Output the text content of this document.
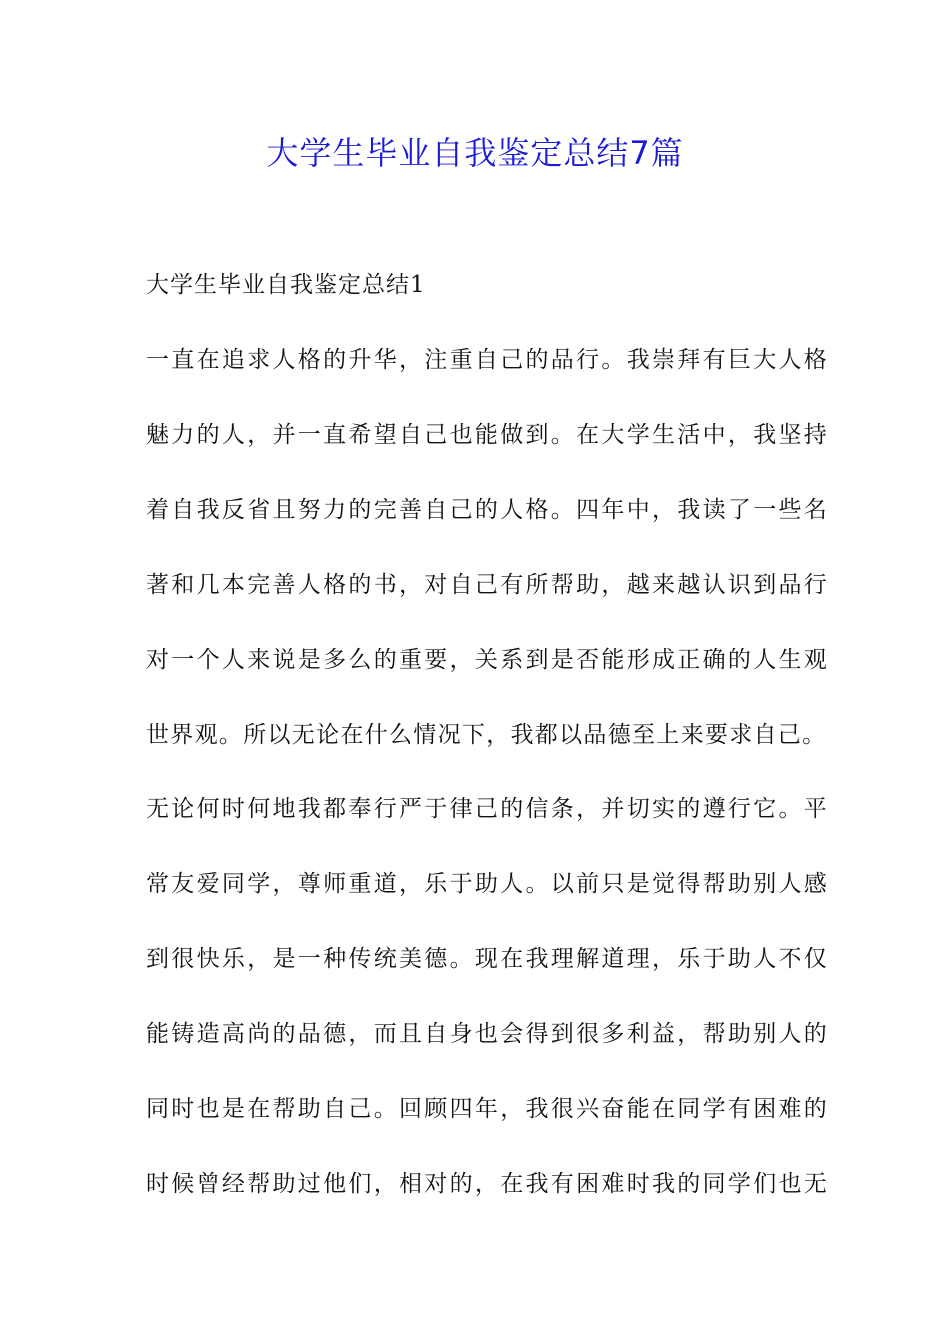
大学生毕业自我鉴定总结7篇
大学生毕业自我鉴定总结1

一直在追求人格的升华，注重自己的品行。我崇拜有巨大人格

魅力的人，并一直希望自己也能做到。在大学生活中，我坚持

着自我反省且努力的完善自己的人格。四年中，我读了一些名

著和几本完善人格的书，对自己有所帮助，越来越认识到品行

对一个人来说是多么的重要，关系到是否能形成正确的人生观

世界观。所以无论在什么情况下，我都以品德至上来要求自己。

无论何时何地我都奉行严于律己的信条，并切实的遵行它。平

常友爱同学，尊师重道，乐于助人。以前只是觉得帮助别人感

到很快乐，是一种传统美德。现在我理解道理，乐于助人不仅

能铸造高尚的品德，而且自身也会得到很多利益，帮助别人的

同时也是在帮助自己。回顾四年，我很兴奋能在同学有困难的

时候曾经帮助过他们，相对的，在我有困难时我的同学们也无
